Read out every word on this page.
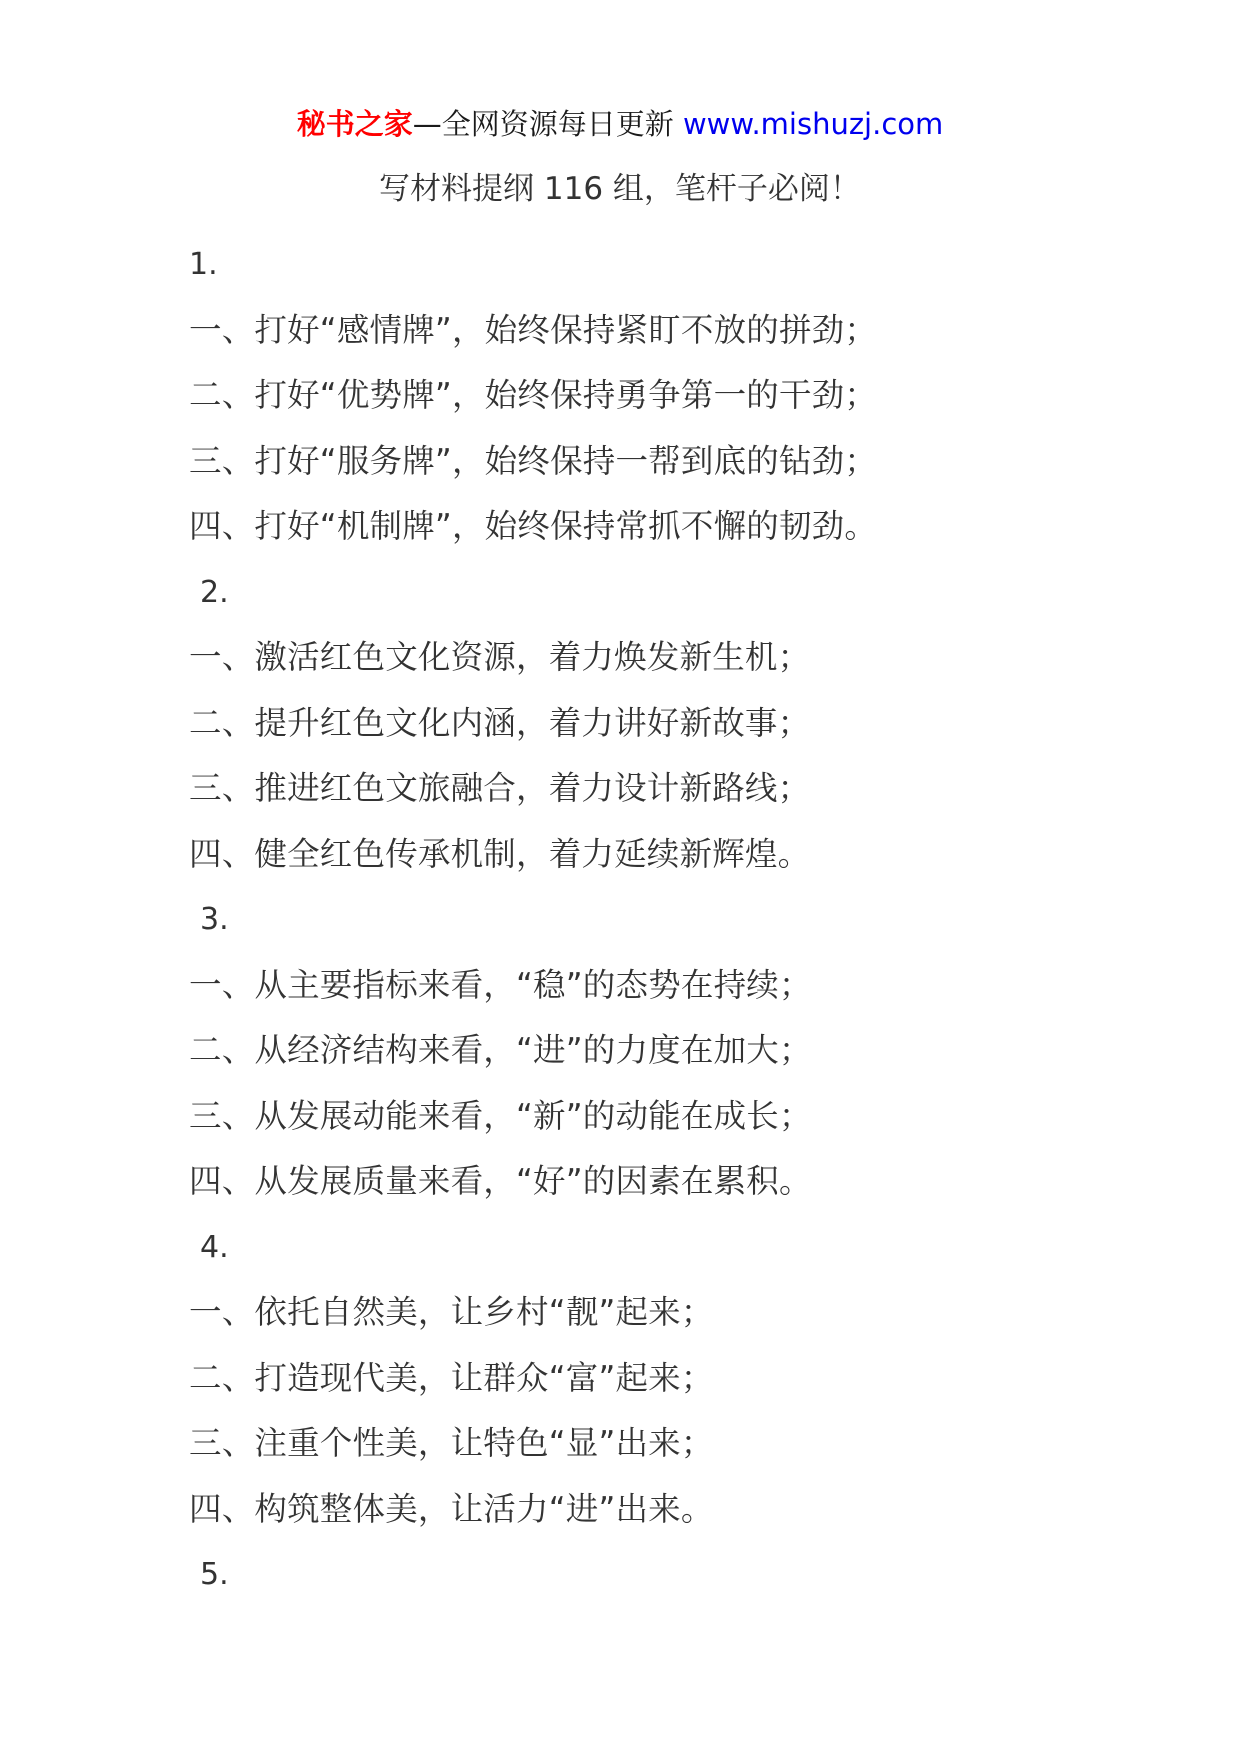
秘书之家—全网资源每日更新 www.mishuzj.com
写材料提纲 116 组，笔杆子必阅！
1.
一、打好“感情牌”，始终保持紧盯不放的拼劲；
二、打好“优势牌”，始终保持勇争第一的干劲；
三、打好“服务牌”，始终保持一帮到底的钻劲；
四、打好“机制牌”，始终保持常抓不懈的韧劲。
2.
一、激活红色文化资源，着力焕发新生机；
二、提升红色文化内涵，着力讲好新故事；
三、推进红色文旅融合，着力设计新路线；
四、健全红色传承机制，着力延续新辉煌。
3.
一、从主要指标来看，“稳”的态势在持续；
二、从经济结构来看，“进”的力度在加大；
三、从发展动能来看，“新”的动能在成长；
四、从发展质量来看，“好”的因素在累积。
4.
一、依托自然美，让乡村“靓”起来；
二、打造现代美，让群众“富”起来；
三、注重个性美，让特色“显”出来；
四、构筑整体美，让活力“进”出来。
5.
